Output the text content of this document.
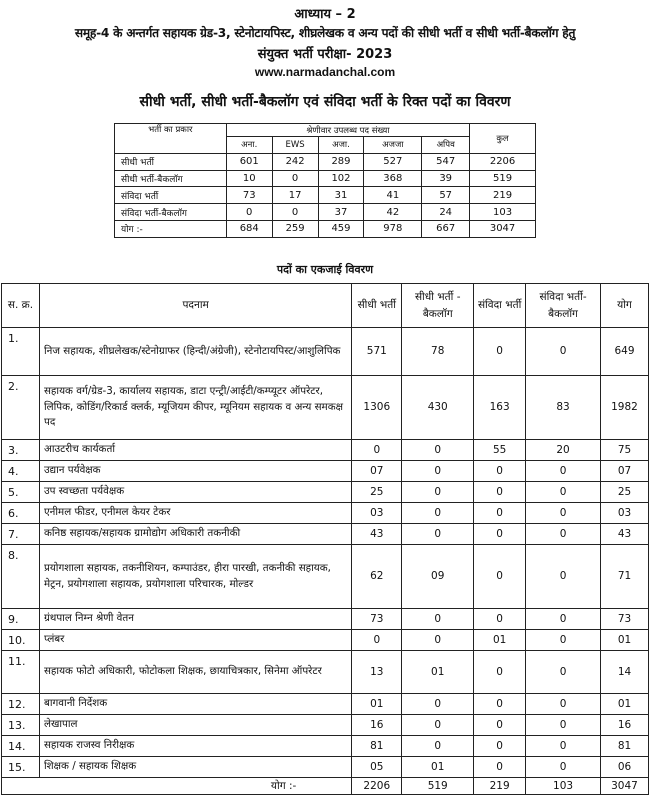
आध्याय – 2
समूह-4 के अन्तर्गत सहायक ग्रेड-3, स्टेनोटायपिस्ट, शीघ्रलेखक व अन्य पदों की सीधी भर्ती व सीधी भर्ती-बैकलॉग हेतु
संयुक्त भर्ती परीक्षा- 2023
www.narmadanchal.com
सीधी भर्ती, सीधी भर्ती-बैकलॉग एवं संविदा भर्ती के रिक्त पदों का विवरण
भर्ती का प्रकार	श्रेणीवार उपलब्ध पद संख्या					कुल
	अना.	EWS	अजा.	अजजा	अपिव	
सीधी भर्ती	601	242	289	527	547	2206
सीधी भर्ती-बैकलॉग	10	0	102	368	39	519
संविदा भर्ती	73	17	31	41	57	219
संविदा भर्ती-बैकलॉग	0	0	37	42	24	103
योग :-	684	259	459	978	667	3047
पदों का एकजाई विवरण
स. क्र.	पदनाम	सीधी भर्ती	सीधी भर्ती - बैकलॉग	संविदा भर्ती	संविदा भर्ती-बैकलॉग	योग
1.	निज सहायक, शीघ्रलेखक/स्टेनोग्राफर (हिन्दी/अंग्रेजी), स्टेनोटायपिस्ट/आशुलिपिक	571	78	0	0	649
2.	सहायक वर्ग/ग्रेड-3, कार्यालय सहायक, डाटा एन्ट्री/आईटी/कम्प्यूटर ऑपरेटर, लिपिक, कोडिंग/रिकार्ड क्लर्क, म्यूजियम कीपर, म्यूनियम सहायक व अन्य समकक्ष पद	1306	430	163	83	1982
3.	आउटरीच कार्यकर्ता	0	0	55	20	75
4.	उद्यान पर्यवेक्षक	07	0	0	0	07
5.	उप स्वच्छता पर्यवेक्षक	25	0	0	0	25
6.	एनीमल फीडर, एनीमल केयर टेकर	03	0	0	0	03
7.	कनिष्ठ सहायक/सहायक ग्रामोद्योग अधिकारी तकनीकी	43	0	0	0	43
8.	प्रयोगशाला सहायक, तकनीशियन, कम्पाउंडर, हीरा पारखी, तकनीकी सहायक, मेट्रन, प्रयोगशाला सहायक, प्रयोगशाला परिचारक, मोल्डर	62	09	0	0	71
9.	ग्रंथपाल निम्न श्रेणी वेतन	73	0	0	0	73
10.	प्लंबर	0	0	01	0	01
11.	सहायक फोटो अधिकारी, फोटोकला शिक्षक, छायाचित्रकार, सिनेमा ऑपरेटर	13	01	0	0	14
12.	बागवानी निर्देशक	01	0	0	0	01
13.	लेखापाल	16	0	0	0	16
14.	सहायक राजस्व निरीक्षक	81	0	0	0	81
15.	शिक्षक / सहायक शिक्षक	05	01	0	0	06
योग :-		2206	519	219	103	3047
